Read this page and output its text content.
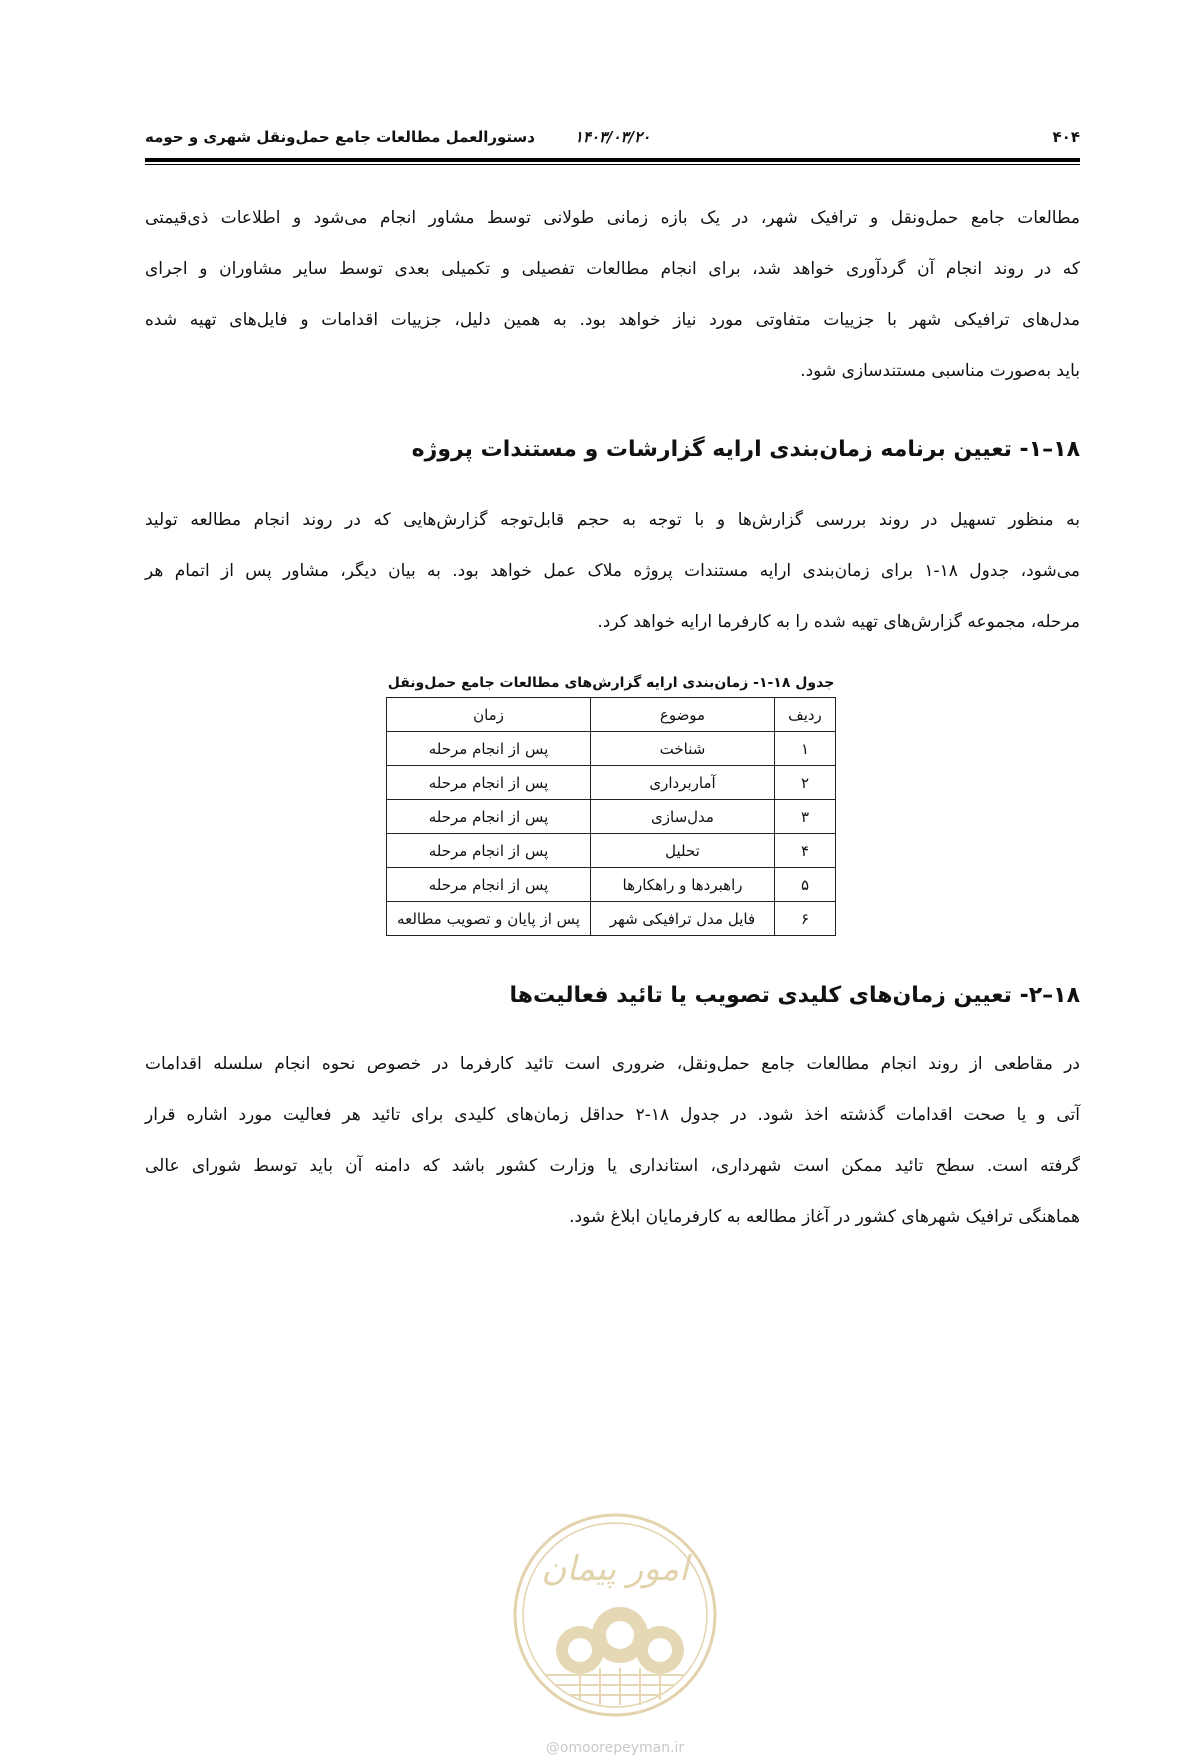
۴۰۴
۱۴۰۳/۰۳/۲۰
دستورالعمل مطالعات جامع حمل‌ونقل شهری و حومه
مطالعات جامع حمل‌ونقل و ترافیک شهر، در یک بازه زمانی طولانی توسط مشاور انجام می‌شود و اطلاعات ذی‌قیمتی
که در روند انجام آن گردآوری خواهد شد، برای انجام مطالعات تفصیلی و تکمیلی بعدی توسط سایر مشاوران و اجرای
مدل‌های ترافیکی شهر با جزییات متفاوتی مورد نیاز خواهد بود. به همین دلیل، جزییات اقدامات و فایل‌های تهیه شده
باید به‌صورت مناسبی مستندسازی شود.
۱۸–۱- تعیین برنامه زمان‌بندی ارایه گزارشات و مستندات پروژه
به منظور تسهیل در روند بررسی گزارش‌ها و با توجه به حجم قابل‌توجه گزارش‌هایی که در روند انجام مطالعه تولید
می‌شود، جدول ۱۸-۱ برای زمان‌بندی ارایه مستندات پروژه ملاک عمل خواهد بود. به بیان دیگر، مشاور پس از اتمام هر
مرحله، مجموعه گزارش‌های تهیه شده را به کارفرما ارایه خواهد کرد.
جدول ۱۸-۱- زمان‌بندی ارایه گزارش‌های مطالعات جامع حمل‌ونقل
ردیف	موضوع	زمان
۱	شناخت	پس از انجام مرحله
۲	آماربرداری	پس از انجام مرحله
۳	مدل‌سازی	پس از انجام مرحله
۴	تحلیل	پس از انجام مرحله
۵	راهبردها و راهکارها	پس از انجام مرحله
۶	فایل مدل ترافیکی شهر	پس از پایان و تصویب مطالعه
۱۸–۲- تعیین زمان‌های کلیدی تصویب یا تائید فعالیت‌ها
در مقاطعی از روند انجام مطالعات جامع حمل‌ونقل، ضروری است تائید کارفرما در خصوص نحوه انجام سلسله اقدامات
آتی و یا صحت اقدامات گذشته اخذ شود. در جدول ۱۸-۲ حداقل زمان‌های کلیدی برای تائید هر فعالیت مورد اشاره قرار
گرفته است. سطح تائید ممکن است شهرداری، استانداری یا وزارت کشور باشد که دامنه آن باید توسط شورای عالی
هماهنگی ترافیک شهرهای کشور در آغاز مطالعه به کارفرمایان ابلاغ شود.
امور پیمان
@omoorepeyman.ir
